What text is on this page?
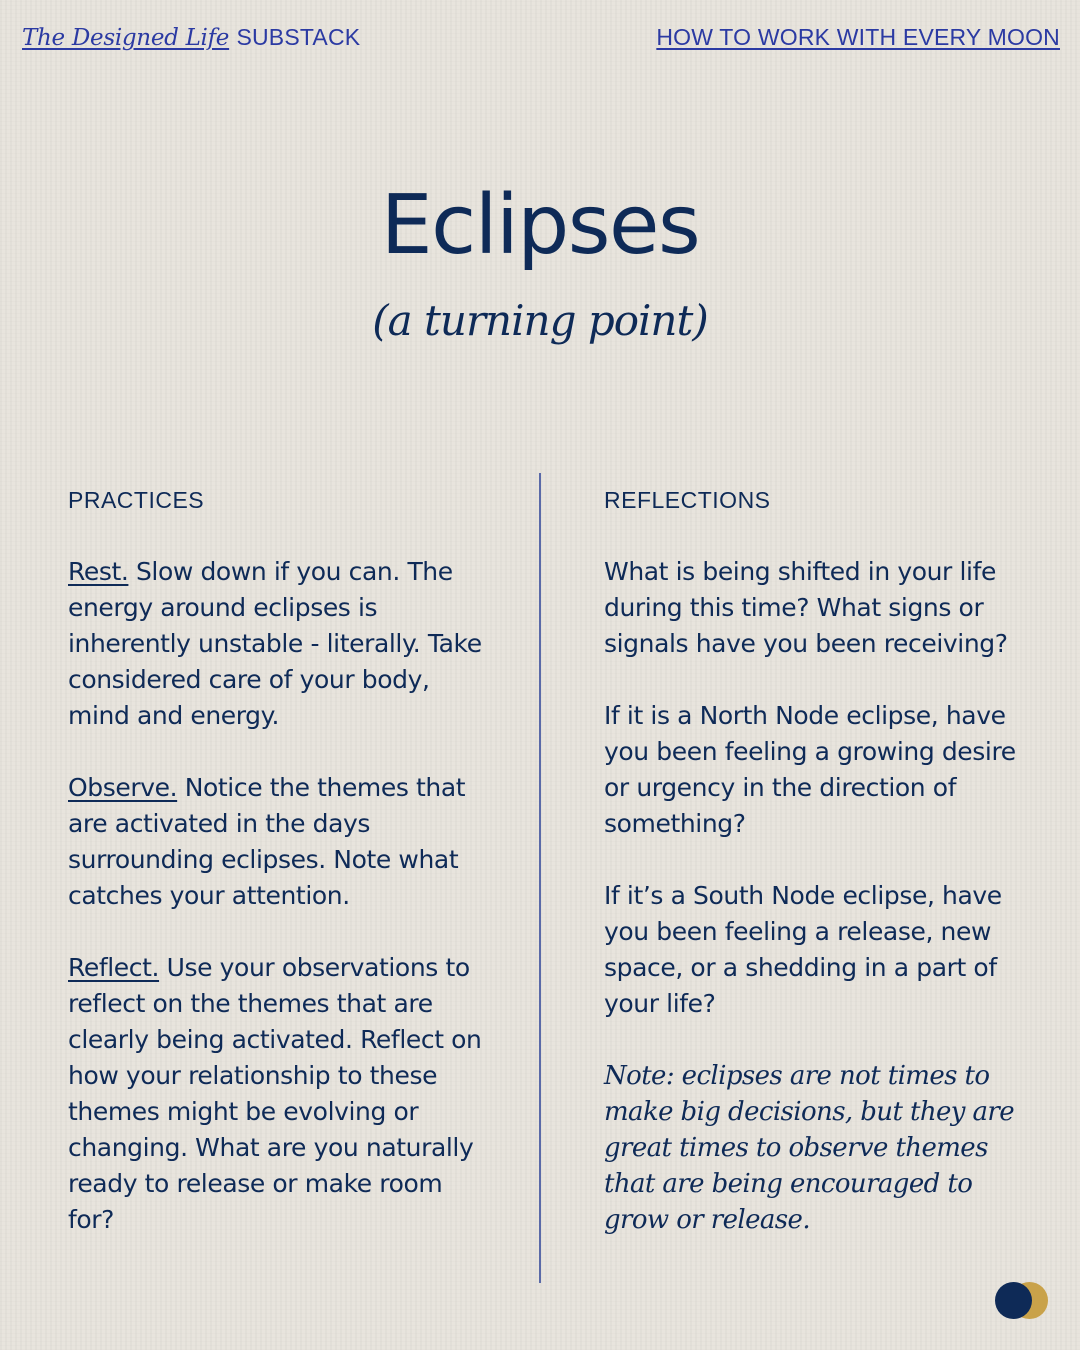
The Designed Life SUBSTACK	HOW TO WORK WITH EVERY MOON
Eclipses
(a turning point)
PRACTICES

Rest. Slow down if you can. The energy around eclipses is inherently unstable - literally. Take considered care of your body, mind and energy.

Observe. Notice the themes that are activated in the days surrounding eclipses. Note what catches your attention.

Reflect. Use your observations to reflect on the themes that are clearly being activated. Reflect on how your relationship to these themes might be evolving or changing. What are you naturally ready to release or make room for?

REFLECTIONS

What is being shifted in your life during this time? What signs or signals have you been receiving?

If it is a North Node eclipse, have you been feeling a growing desire or urgency in the direction of something?

If it’s a South Node eclipse, have you been feeling a release, new space, or a shedding in a part of your life?

Note: eclipses are not times to make big decisions, but they are great times to observe themes that are being encouraged to grow or release.
